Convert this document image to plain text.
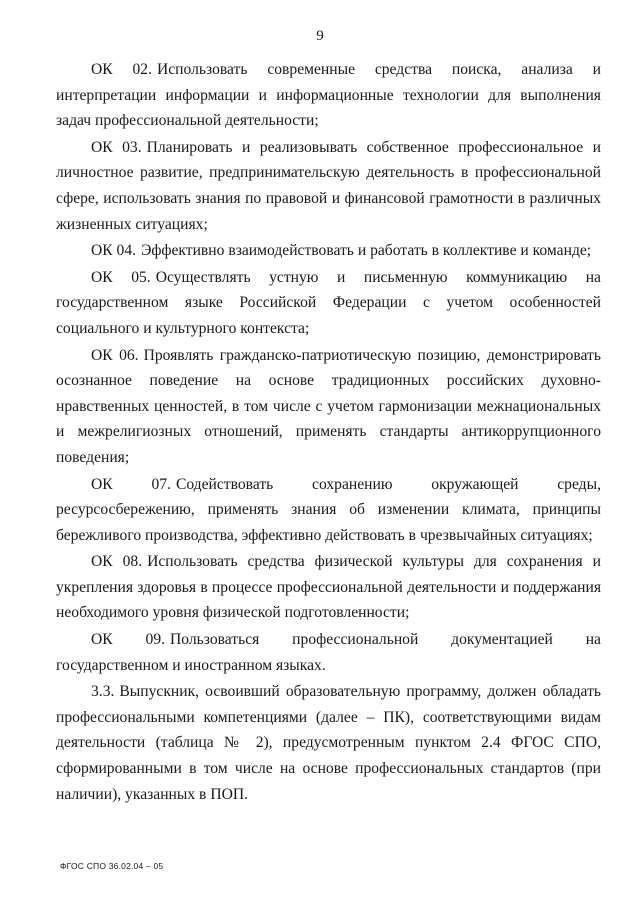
9

ОК 02. Использовать современные средства поиска, анализа и интерпретации информации и информационные технологии для выполнения задач профессиональной деятельности;

ОК 03. Планировать и реализовывать собственное профессиональное и личностное развитие, предпринимательскую деятельность в профессиональной сфере, использовать знания по правовой и финансовой грамотности в различных жизненных ситуациях;

ОК 04. Эффективно взаимодействовать и работать в коллективе и команде;

ОК 05. Осуществлять устную и письменную коммуникацию на государственном языке Российской Федерации с учетом особенностей социального и культурного контекста;

ОК 06. Проявлять гражданско-патриотическую позицию, демонстрировать осознанное поведение на основе традиционных российских духовно-нравственных ценностей, в том числе с учетом гармонизации межнациональных и межрелигиозных отношений, применять стандарты антикоррупционного поведения;

ОК 07. Содействовать сохранению окружающей среды, ресурсосбережению, применять знания об изменении климата, принципы бережливого производства, эффективно действовать в чрезвычайных ситуациях;

ОК 08. Использовать средства физической культуры для сохранения и укрепления здоровья в процессе профессиональной деятельности и поддержания необходимого уровня физической подготовленности;

ОК 09. Пользоваться профессиональной документацией на государственном и иностранном языках.

3.3. Выпускник, освоивший образовательную программу, должен обладать профессиональными компетенциями (далее – ПК), соответствующими видам деятельности (таблица № 2), предусмотренным пунктом 2.4 ФГОС СПО, сформированными в том числе на основе профессиональных стандартов (при наличии), указанных в ПОП.

ФГОС СПО 36.02.04 – 05
